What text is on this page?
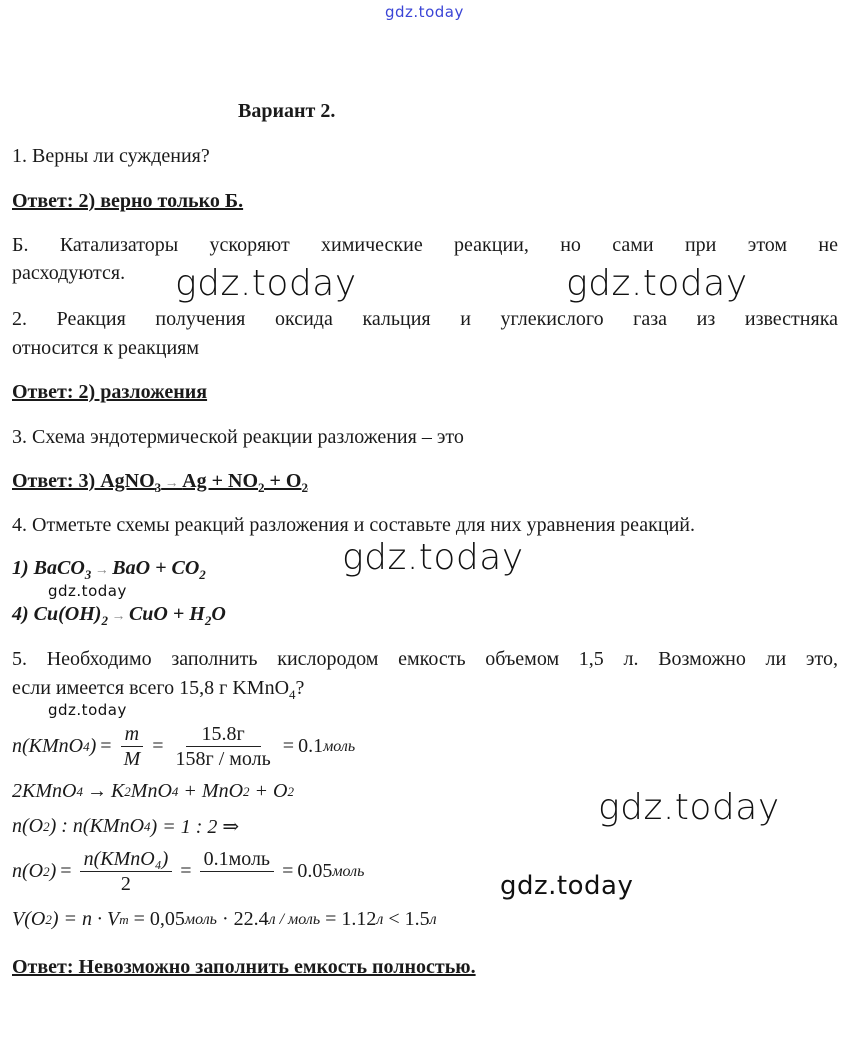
gdz.today
Вариант 2.
1. Верны ли суждения?
Ответ: 2) верно только Б.
Б. Катализаторы ускоряют химические реакции, но сами при этом не
расходуются.
2. Реакция получения оксида кальция и углекислого газа из известняка
относится к реакциям
Ответ: 2) разложения
3. Схема эндотермической реакции разложения – это
Ответ: 3) AgNO$_3$ → $Ag + NO_2 + O_2$
4. Отметьте схемы реакций разложения и составьте для них уравнения реакций.
1) BaCO$_3$ → BaO + $CO_2$
4) $Cu(OH)_2$ → CuO + $H_2O$
5. Необходимо заполнить кислородом емкость объемом 1,5 л. Возможно ли это,
если имеется всего 15,8 г KMnO$_4$?
n(KMnO 4 ) = $\frac{m}{M} = \frac{15.8г}{\text{158г / моль}} = 0.1$ моль
2KMnO 4 → K 2 MnO 4
+ MnO 2
+ O 2
n(O 2 ) : n(KMnO 4 ) = 1 : 2 ⇒
n(O 2 ) = $\frac{\text{n(KMnO₄)}}{2}$ =
0.1моль
= 0.05 моль
V(O 2 ) = n · V m
= 0,05 моль
· 22.4 л / моль
= 1.12 л
< 1.5 л
Ответ: Невозможно заполнить емкость полностью.
gdz.today	gdz.today
gdz.today
gdz.today
gdz.today
gdz.today
gdz.today
